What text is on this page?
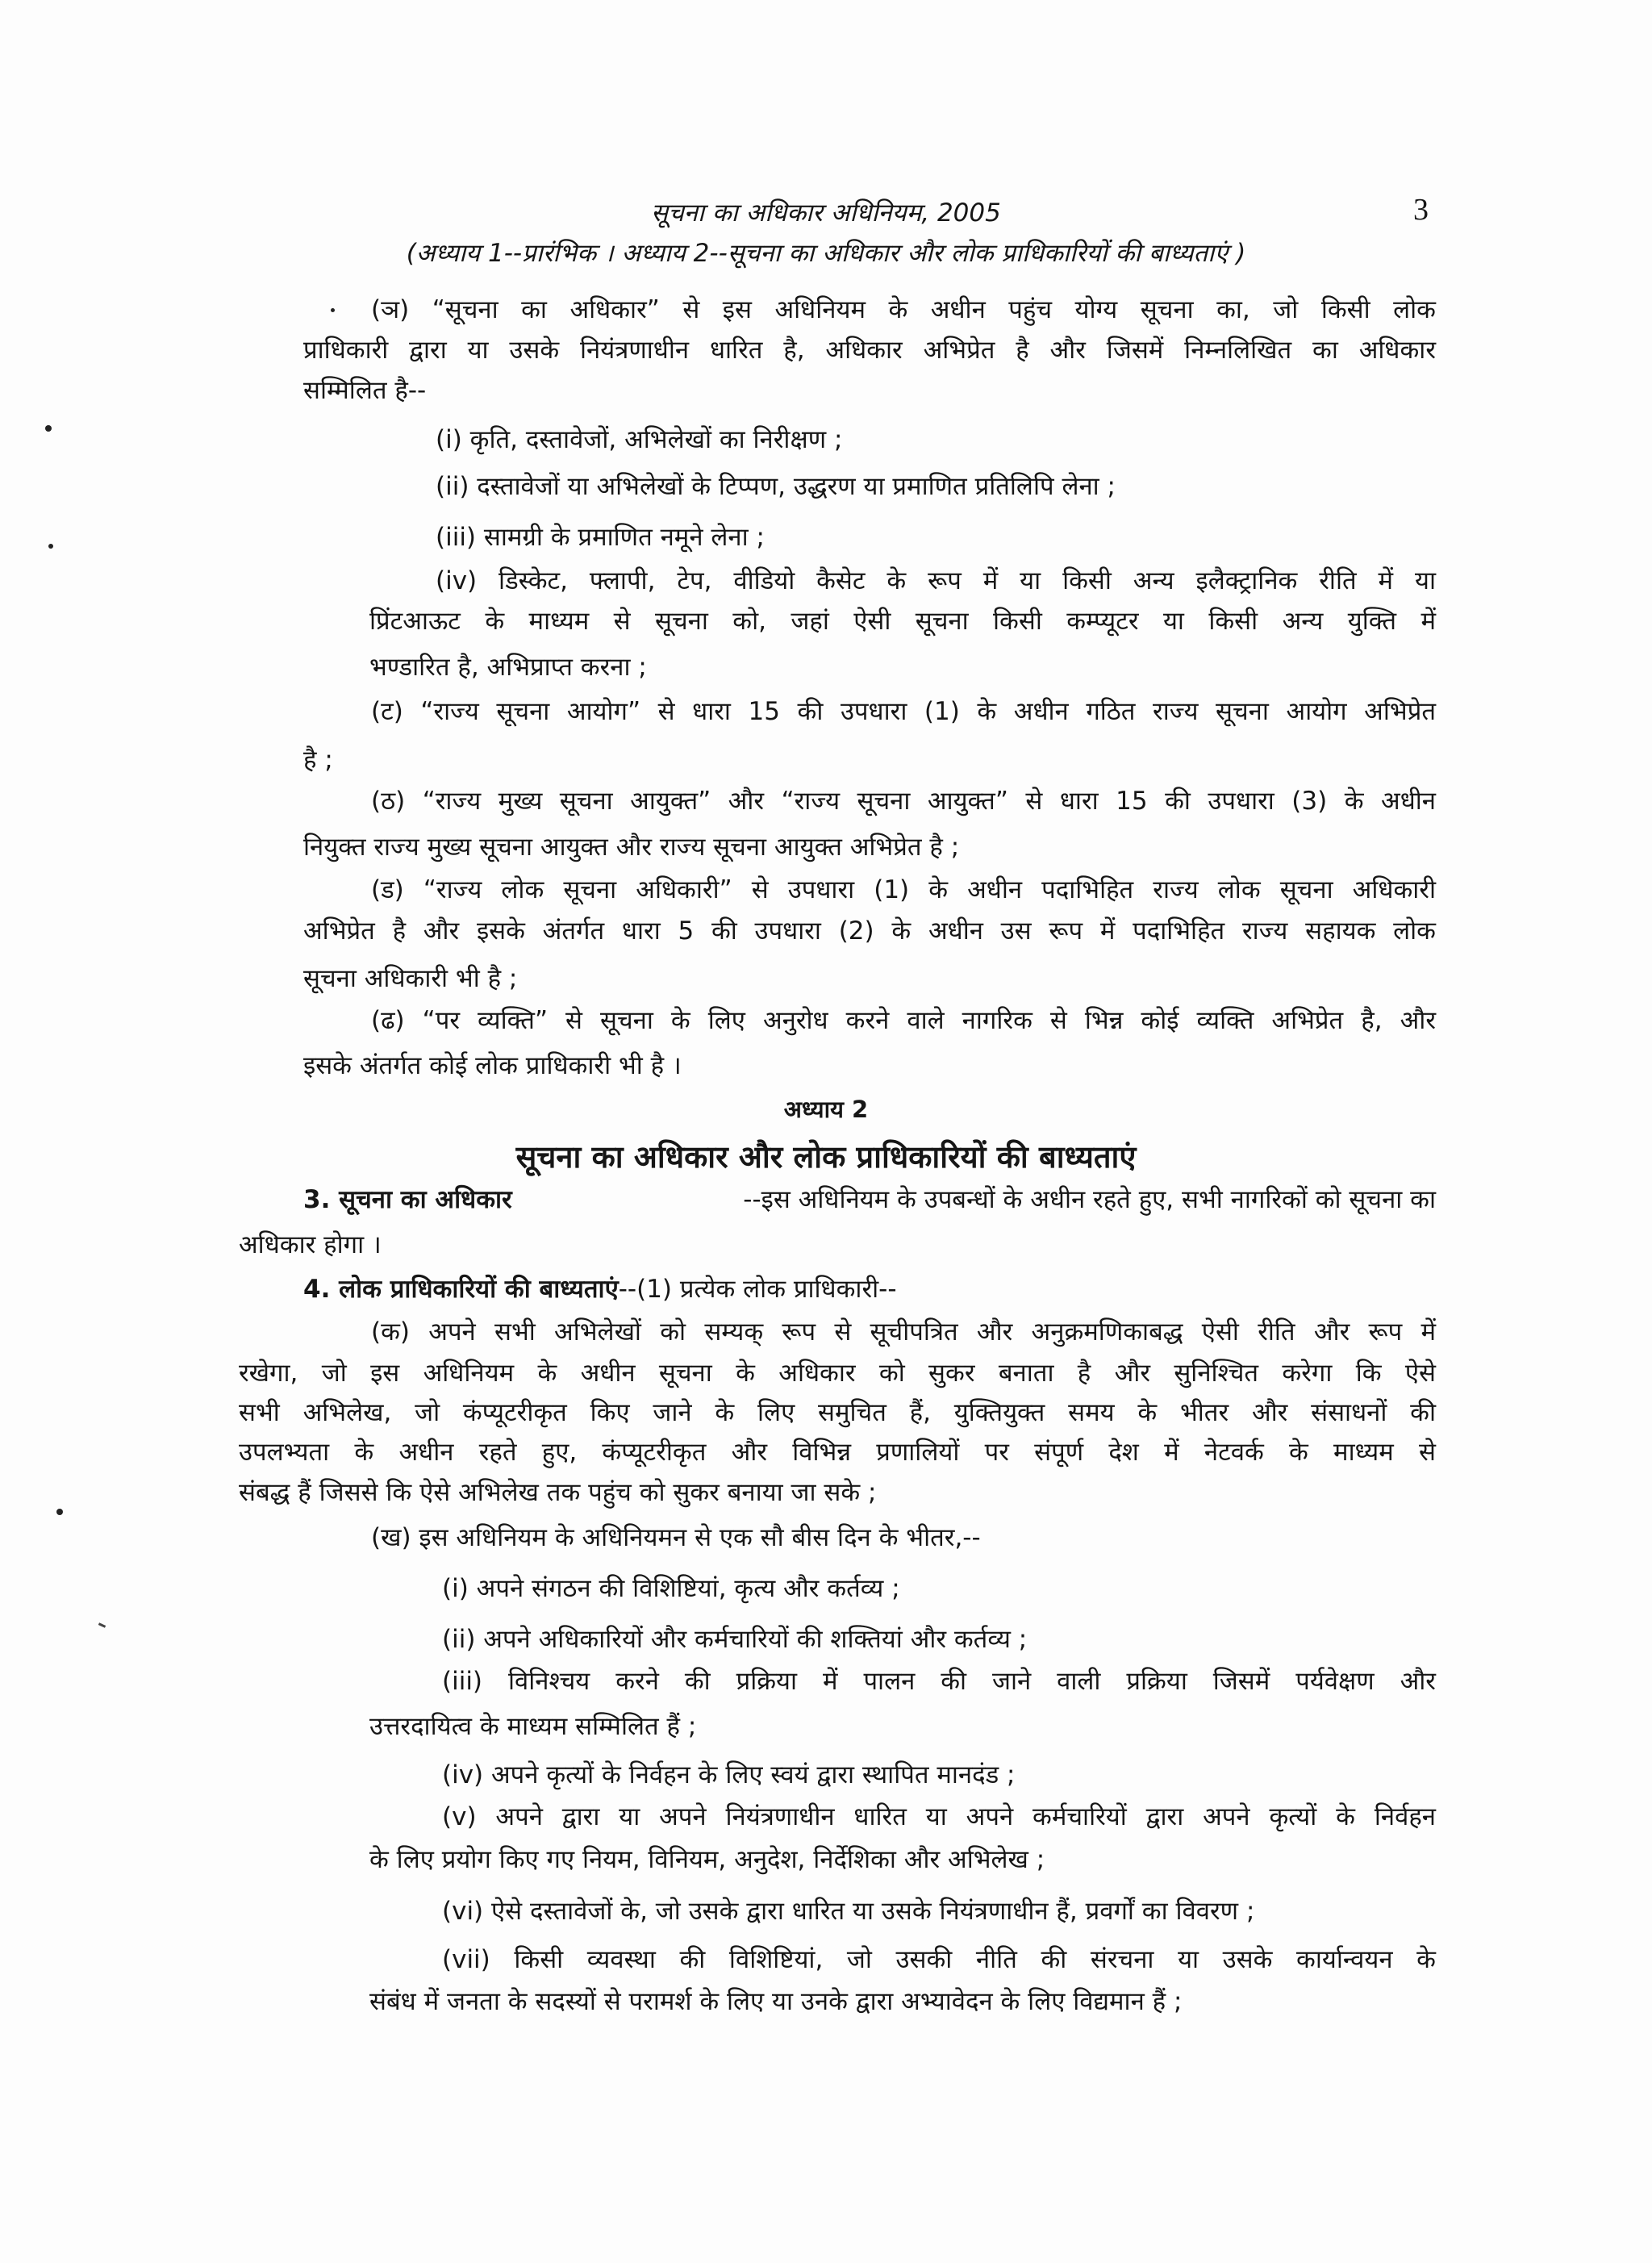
सूचना का अधिकार अधिनियम, 2005	3
(अध्याय 1--प्रारंभिक । अध्याय 2--सूचना का अधिकार और लोक प्राधिकारियों की बाध्यताएं )
(ञ) “सूचना का अधिकार” से इस अधिनियम के अधीन पहुंच योग्य सूचना का, जो किसी लोक
प्राधिकारी द्वारा या उसके नियंत्रणाधीन धारित है, अधिकार अभिप्रेत है और जिसमें निम्नलिखित का अधिकार
सम्मिलित है--
(i) कृति, दस्तावेजों, अभिलेखों का निरीक्षण ;
(ii) दस्तावेजों या अभिलेखों के टिप्पण, उद्धरण या प्रमाणित प्रतिलिपि लेना ;
(iii) सामग्री के प्रमाणित नमूने लेना ;
(iv) डिस्केट, फ्लापी, टेप, वीडियो कैसेट के रूप में या किसी अन्य इलैक्ट्रानिक रीति में या
प्रिंटआऊट के माध्यम से सूचना को, जहां ऐसी सूचना किसी कम्प्यूटर या किसी अन्य युक्ति में
भण्डारित है, अभिप्राप्त करना ;
(ट) “राज्य सूचना आयोग” से धारा 15 की उपधारा (1) के अधीन गठित राज्य सूचना आयोग अभिप्रेत
है ;
(ठ) “राज्य मुख्य सूचना आयुक्त” और “राज्य सूचना आयुक्त” से धारा 15 की उपधारा (3) के अधीन
नियुक्त राज्य मुख्य सूचना आयुक्त और राज्य सूचना आयुक्त अभिप्रेत है ;
(ड) “राज्य लोक सूचना अधिकारी” से उपधारा (1) के अधीन पदाभिहित राज्य लोक सूचना अधिकारी
अभिप्रेत है और इसके अंतर्गत धारा 5 की उपधारा (2) के अधीन उस रूप में पदाभिहित राज्य सहायक लोक
सूचना अधिकारी भी है ;
(ढ) “पर व्यक्ति” से सूचना के लिए अनुरोध करने वाले नागरिक से भिन्न कोई व्यक्ति अभिप्रेत है, और
इसके अंतर्गत कोई लोक प्राधिकारी भी है ।
अध्याय 2
सूचना का अधिकार और लोक प्राधिकारियों की बाध्यताएं
3. सूचना का अधिकार	--इस अधिनियम के उपबन्धों के अधीन रहते हुए, सभी नागरिकों को सूचना का
अधिकार होगा ।
4. लोक प्राधिकारियों की बाध्यताएं--(1) प्रत्येक लोक प्राधिकारी--
(क) अपने सभी अभिलेखों को सम्यक् रूप से सूचीपत्रित और अनुक्रमणिकाबद्ध ऐसी रीति और रूप में
रखेगा, जो इस अधिनियम के अधीन सूचना के अधिकार को सुकर बनाता है और सुनिश्चित करेगा कि ऐसे
सभी अभिलेख, जो कंप्यूटरीकृत किए जाने के लिए समुचित हैं, युक्तियुक्त समय के भीतर और संसाधनों की
उपलभ्यता के अधीन रहते हुए, कंप्यूटरीकृत और विभिन्न प्रणालियों पर संपूर्ण देश में नेटवर्क के माध्यम से
संबद्ध हैं जिससे कि ऐसे अभिलेख तक पहुंच को सुकर बनाया जा सके ;
(ख) इस अधिनियम के अधिनियमन से एक सौ बीस दिन के भीतर,--
(i) अपने संगठन की विशिष्टियां, कृत्य और कर्तव्य ;
(ii) अपने अधिकारियों और कर्मचारियों की शक्तियां और कर्तव्य ;
(iii) विनिश्चय करने की प्रक्रिया में पालन की जाने वाली प्रक्रिया जिसमें पर्यवेक्षण और
उत्तरदायित्व के माध्यम सम्मिलित हैं ;
(iv) अपने कृत्यों के निर्वहन के लिए स्वयं द्वारा स्थापित मानदंड ;
(v) अपने द्वारा या अपने नियंत्रणाधीन धारित या अपने कर्मचारियों द्वारा अपने कृत्यों के निर्वहन
के लिए प्रयोग किए गए नियम, विनियम, अनुदेश, निर्देशिका और अभिलेख ;
(vi) ऐसे दस्तावेजों के, जो उसके द्वारा धारित या उसके नियंत्रणाधीन हैं, प्रवर्गों का विवरण ;
(vii) किसी व्यवस्था की विशिष्टियां, जो उसकी नीति की संरचना या उसके कार्यान्वयन के
संबंध में जनता के सदस्यों से परामर्श के लिए या उनके द्वारा अभ्यावेदन के लिए विद्यमान हैं ;
